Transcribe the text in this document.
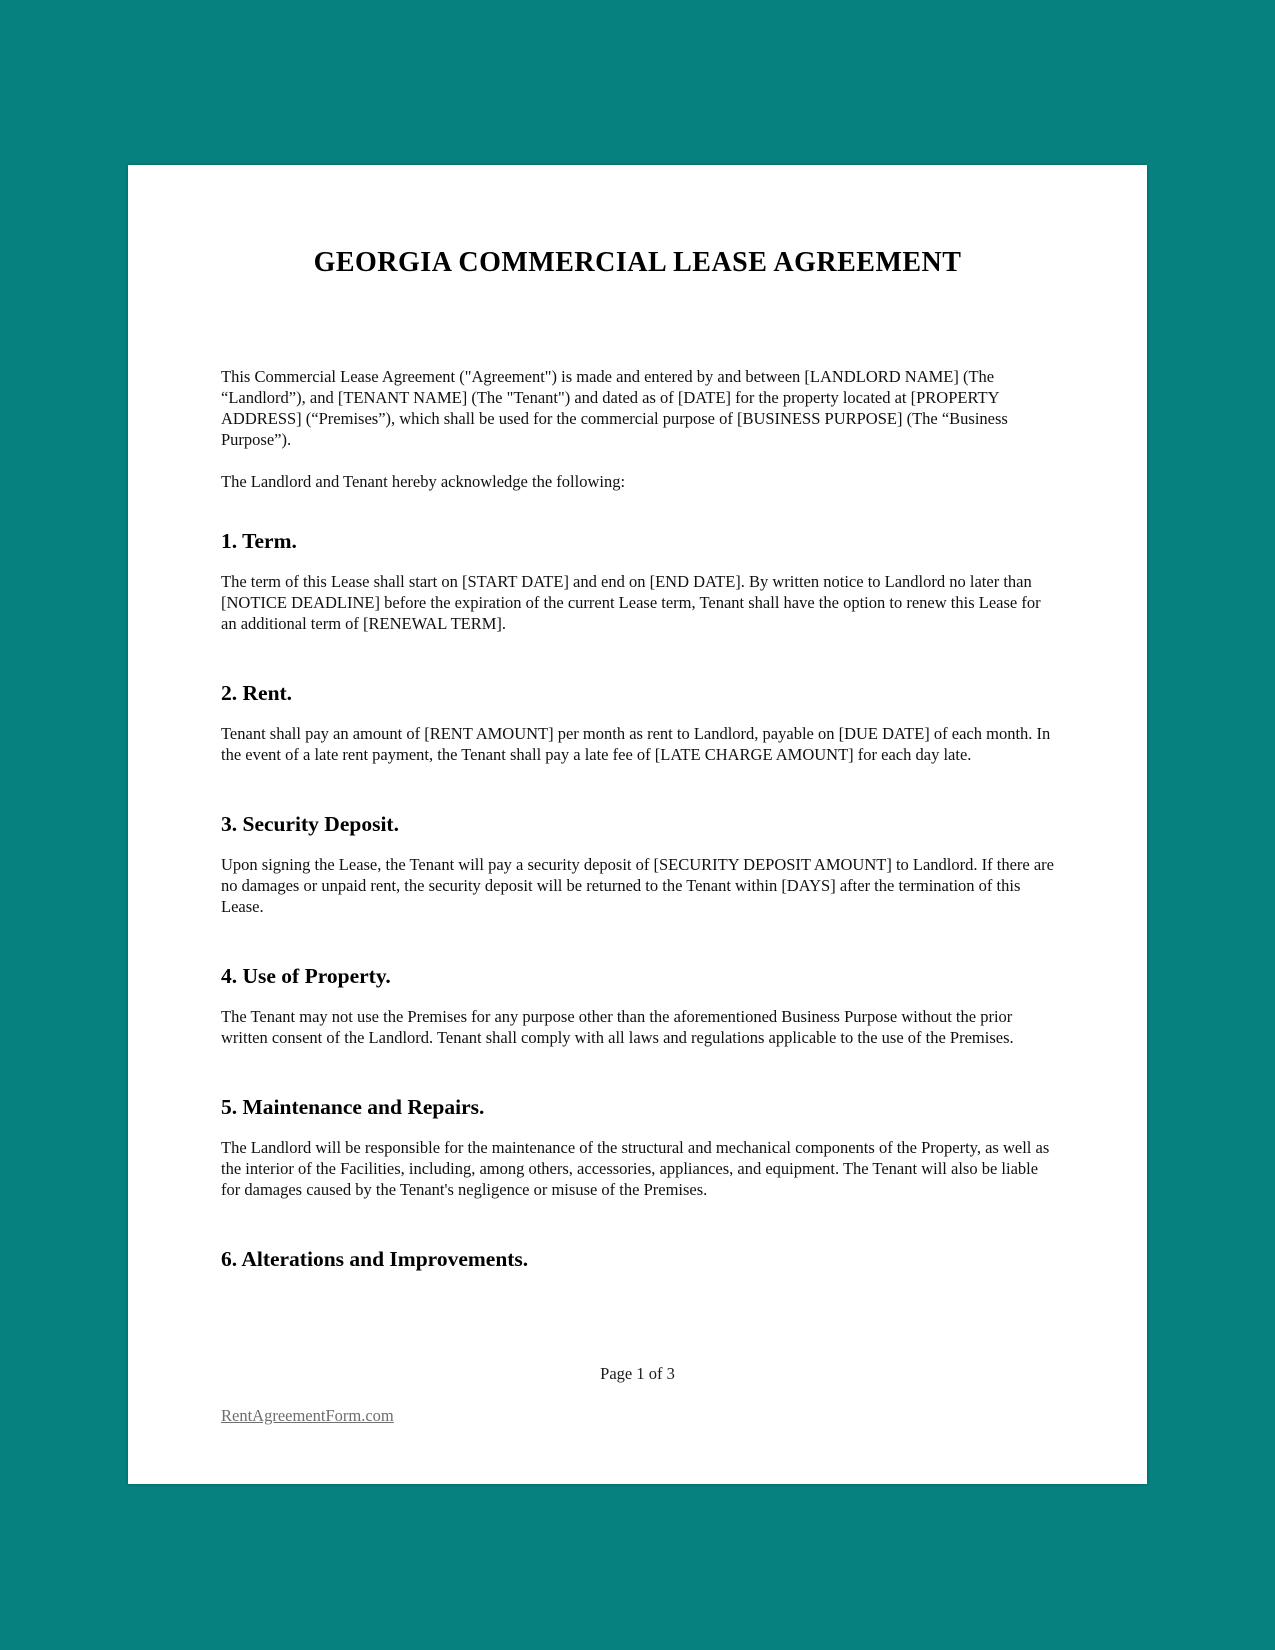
GEORGIA COMMERCIAL LEASE AGREEMENT

This Commercial Lease Agreement ("Agreement") is made and entered by and between [LANDLORD NAME] (The “Landlord”), and [TENANT NAME] (The "Tenant") and dated as of [DATE] for the property located at [PROPERTY ADDRESS] (“Premises”), which shall be used for the commercial purpose of [BUSINESS PURPOSE] (The “Business Purpose”).

The Landlord and Tenant hereby acknowledge the following:

1. Term.

The term of this Lease shall start on [START DATE] and end on [END DATE]. By written notice to Landlord no later than [NOTICE DEADLINE] before the expiration of the current Lease term, Tenant shall have the option to renew this Lease for an additional term of [RENEWAL TERM].

2. Rent.

Tenant shall pay an amount of [RENT AMOUNT] per month as rent to Landlord, payable on [DUE DATE] of each month. In the event of a late rent payment, the Tenant shall pay a late fee of [LATE CHARGE AMOUNT] for each day late.

3. Security Deposit.

Upon signing the Lease, the Tenant will pay a security deposit of [SECURITY DEPOSIT AMOUNT] to Landlord. If there are no damages or unpaid rent, the security deposit will be returned to the Tenant within [DAYS] after the termination of this Lease.

4. Use of Property.

The Tenant may not use the Premises for any purpose other than the aforementioned Business Purpose without the prior written consent of the Landlord. Tenant shall comply with all laws and regulations applicable to the use of the Premises.

5. Maintenance and Repairs.

The Landlord will be responsible for the maintenance of the structural and mechanical components of the Property, as well as the interior of the Facilities, including, among others, accessories, appliances, and equipment. The Tenant will also be liable for damages caused by the Tenant's negligence or misuse of the Premises.

6. Alterations and Improvements.
Page 1 of 3
RentAgreementForm.com
